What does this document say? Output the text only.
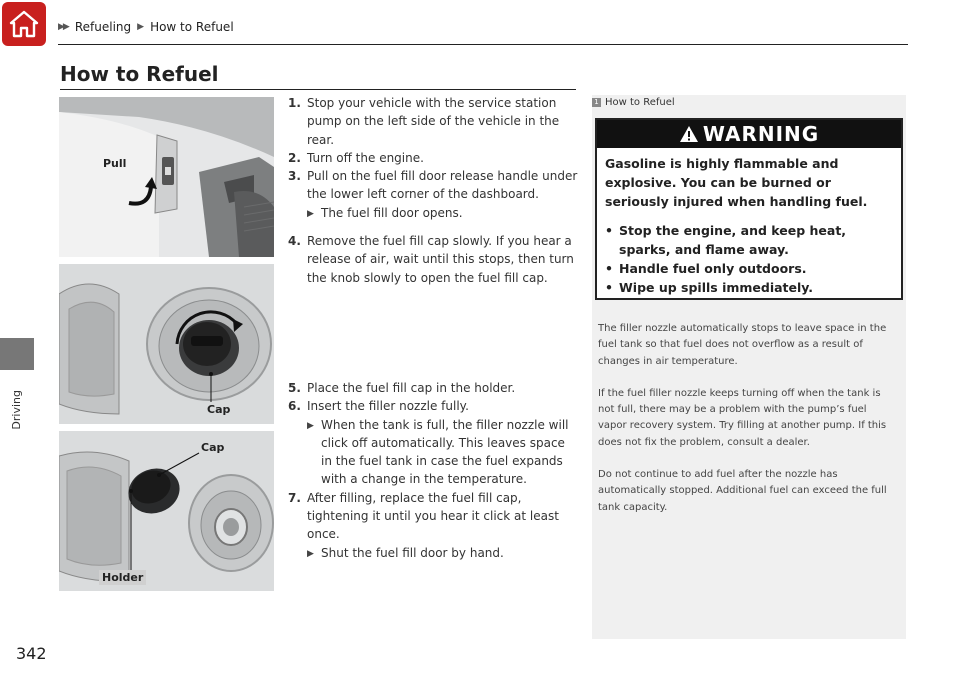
▶▶ Refueling ▶ How to Refuel
Driving
342
How to Refuel
Pull
Cap
Cap
Holder
1. Stop your vehicle with the service station pump on the left side of the vehicle in the rear.
2. Turn off the engine.
3. Pull on the fuel fill door release handle under the lower left corner of the dashboard.
▶ The fuel fill door opens.
4. Remove the fuel fill cap slowly. If you hear a release of air, wait until this stops, then turn the knob slowly to open the fuel fill cap.
5. Place the fuel fill cap in the holder.
6. Insert the filler nozzle fully.
▶ When the tank is full, the filler nozzle will click off automatically. This leaves space in the fuel tank in case the fuel expands with a change in the temperature.
7. After filling, replace the fuel fill cap, tightening it until you hear it click at least once.
▶ Shut the fuel fill door by hand.
1 How to Refuel
WARNING
Gasoline is highly flammable and explosive. You can be burned or seriously injured when handling fuel.
• Stop the engine, and keep heat, sparks, and flame away.
• Handle fuel only outdoors.
• Wipe up spills immediately.

The filler nozzle automatically stops to leave space in the fuel tank so that fuel does not overflow as a result of changes in air temperature.

If the fuel filler nozzle keeps turning off when the tank is not full, there may be a problem with the pump’s fuel vapor recovery system. Try filling at another pump. If this does not fix the problem, consult a dealer.

Do not continue to add fuel after the nozzle has automatically stopped. Additional fuel can exceed the full tank capacity.
